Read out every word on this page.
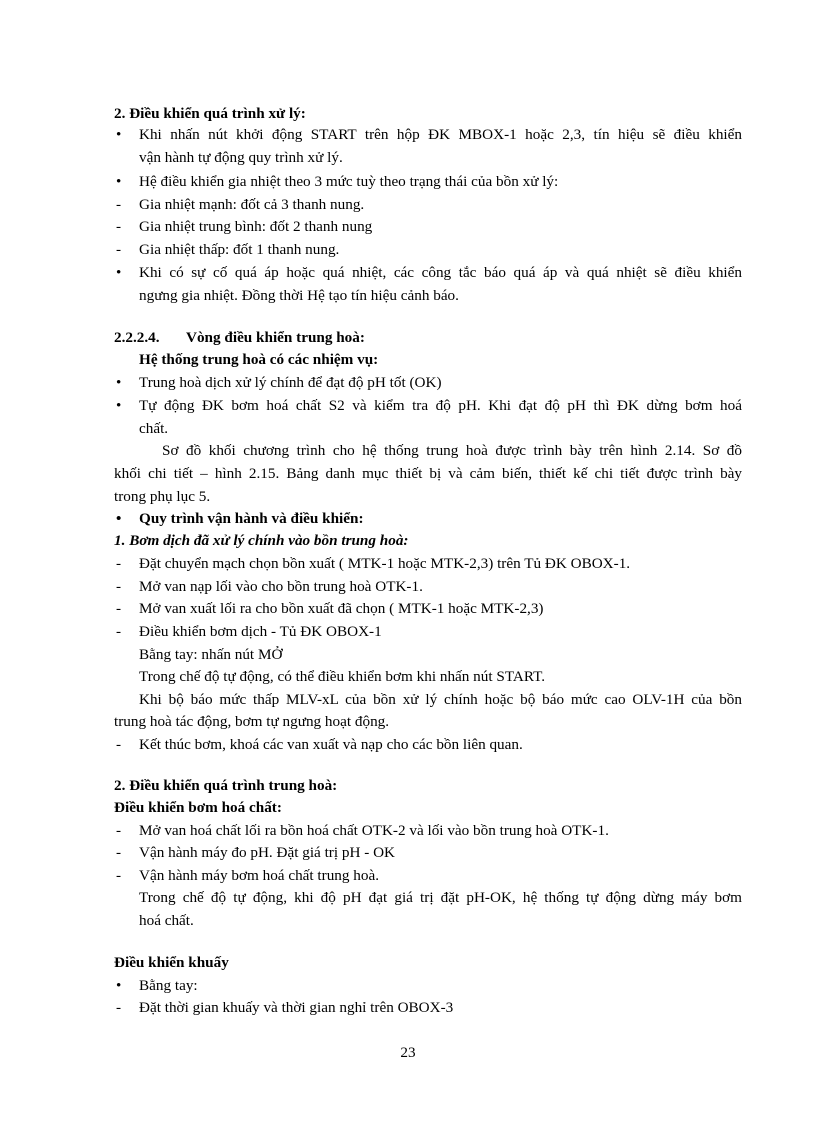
2. Điều khiển quá trình xử lý:
• Khi nhấn nút khởi động START trên hộp ĐK MBOX-1 hoặc 2,3, tín hiệu sẽ điều khiển
vận hành tự động quy trình xử lý.
• Hệ điều khiển gia nhiệt theo 3 mức tuỳ theo trạng thái của bồn xử lý:
- Gia nhiệt mạnh: đốt cả 3 thanh nung.
- Gia nhiệt trung bình: đốt 2 thanh nung
- Gia nhiệt thấp: đốt 1 thanh nung.
• Khi có sự cố quá áp hoặc quá nhiệt, các công tắc báo quá áp và quá nhiệt sẽ điều khiển
ngưng gia nhiệt. Đồng thời Hệ tạo tín hiệu cảnh báo.
2.2.2.4. Vòng điều khiển trung hoà:
Hệ thống trung hoà có các nhiệm vụ:
• Trung hoà dịch xử lý chính để đạt độ pH tốt (OK)
• Tự động ĐK bơm hoá chất S2 và kiểm tra độ pH. Khi đạt độ pH thì ĐK dừng bơm hoá
chất.
Sơ đồ khối chương trình cho hệ thống trung hoà được trình bày trên hình 2.14. Sơ đồ
khối chi tiết – hình 2.15. Bảng danh mục thiết bị và cảm biến, thiết kế chi tiết được trình bày
trong phụ lục 5.
• Quy trình vận hành và điều khiển:
1. Bơm dịch đã xử lý chính vào bồn trung hoà:
- Đặt chuyển mạch chọn bồn xuất ( MTK-1 hoặc MTK-2,3) trên Tủ ĐK OBOX-1.
- Mở van nạp lối vào cho bồn trung hoà OTK-1.
- Mở van xuất lối ra cho bồn xuất đã chọn ( MTK-1 hoặc MTK-2,3)
- Điều khiển bơm dịch - Tủ ĐK OBOX-1
Bằng tay: nhấn nút MỞ
Trong chế độ tự động, có thể điều khiển bơm khi nhấn nút START.
Khi bộ báo mức thấp MLV-xL của bồn xử lý chính hoặc bộ báo mức cao OLV-1H của bồn
trung hoà tác động, bơm tự ngưng hoạt động.
- Kết thúc bơm, khoá các van xuất và nạp cho các bồn liên quan.
2. Điều khiển quá trình trung hoà:
Điều khiển bơm hoá chất:
- Mở van hoá chất lối ra bồn hoá chất OTK-2 và lối vào bồn trung hoà OTK-1.
- Vận hành máy đo pH. Đặt giá trị pH - OK
- Vận hành máy bơm hoá chất trung hoà.
Trong chế độ tự động, khi độ pH đạt giá trị đặt pH-OK, hệ thống tự động dừng máy bơm
hoá chất.
Điều khiển khuấy
• Bằng tay:
- Đặt thời gian khuấy và thời gian nghỉ trên OBOX-3
23
